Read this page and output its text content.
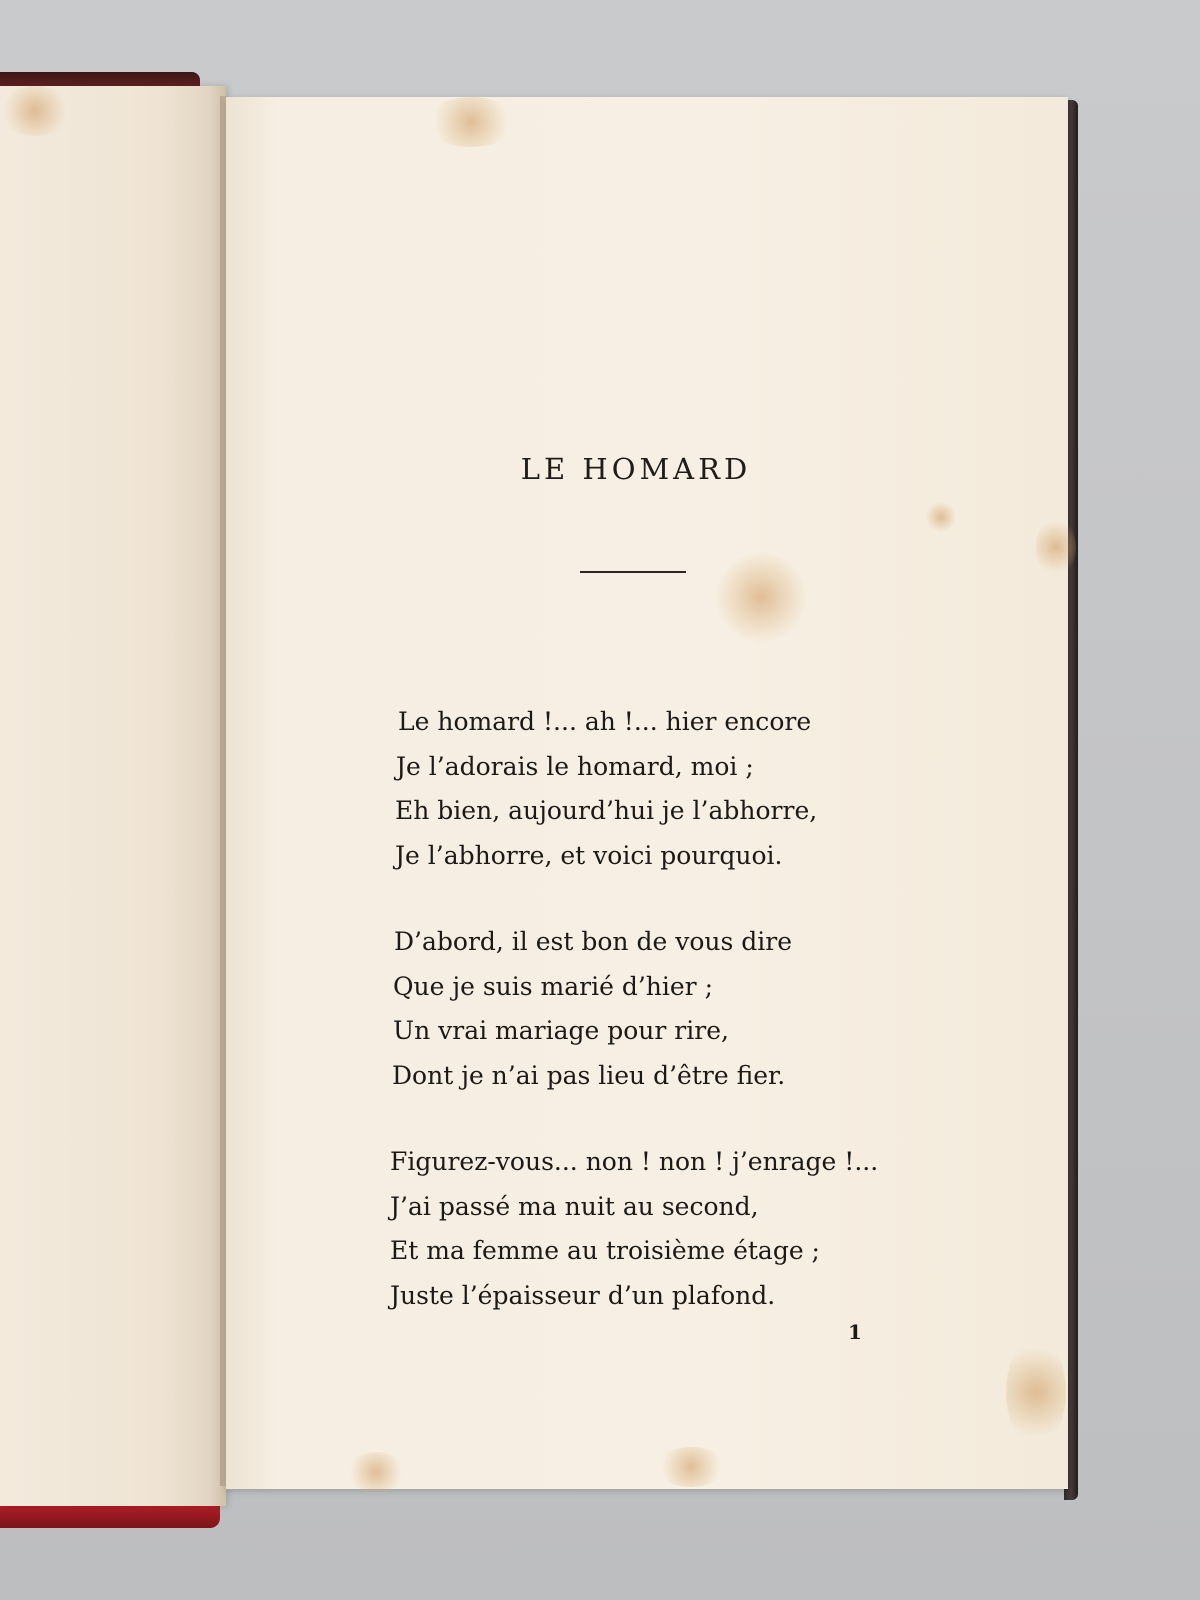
LE HOMARD
Le homard !... ah !... hier encore
Je l’adorais le homard, moi ;
Eh bien, aujourd’hui je l’abhorre,
Je l’abhorre, et voici pourquoi.
D’abord, il est bon de vous dire
Que je suis marié d’hier ;
Un vrai mariage pour rire,
Dont je n’ai pas lieu d’être fier.
Figurez-vous... non ! non ! j’enrage !...
J’ai passé ma nuit au second,
Et ma femme au troisième étage ;
Juste l’épaisseur d’un plafond.
1
